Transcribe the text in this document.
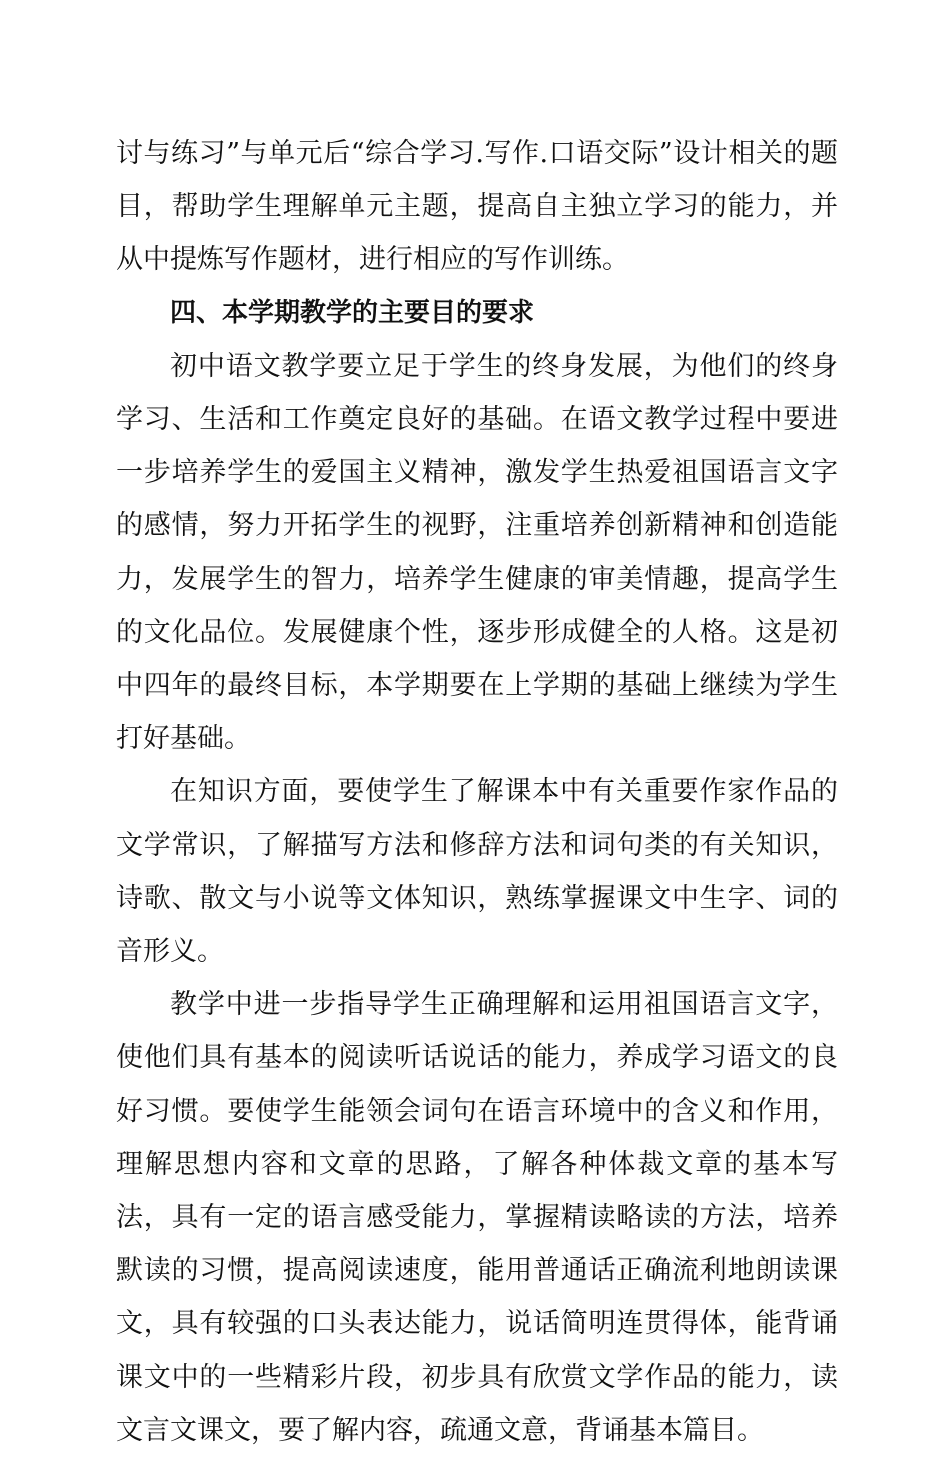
讨与练习”与单元后“综合学习.写作.口语交际”设计相关的题目，帮助学生理解单元主题，提高自主独立学习的能力，并从中提炼写作题材，进行相应的写作训练。

四、本学期教学的主要目的要求

初中语文教学要立足于学生的终身发展，为他们的终身学习、生活和工作奠定良好的基础。在语文教学过程中要进一步培养学生的爱国主义精神，激发学生热爱祖国语言文字的感情，努力开拓学生的视野，注重培养创新精神和创造能力，发展学生的智力，培养学生健康的审美情趣，提高学生的文化品位。发展健康个性，逐步形成健全的人格。这是初中四年的最终目标，本学期要在上学期的基础上继续为学生打好基础。

在知识方面，要使学生了解课本中有关重要作家作品的文学常识，了解描写方法和修辞方法和词句类的有关知识，诗歌、散文与小说等文体知识，熟练掌握课文中生字、词的音形义。

教学中进一步指导学生正确理解和运用祖国语言文字，使他们具有基本的阅读听话说话的能力，养成学习语文的良好习惯。要使学生能领会词句在语言环境中的含义和作用，理解思想内容和文章的思路，了解各种体裁文章的基本写法，具有一定的语言感受能力，掌握精读略读的方法，培养默读的习惯，提高阅读速度，能用普通话正确流利地朗读课文，具有较强的口头表达能力，说话简明连贯得体，能背诵课文中的一些精彩片段，初步具有欣赏文学作品的能力，读文言文课文，要了解内容，疏通文意，背诵基本篇目。
